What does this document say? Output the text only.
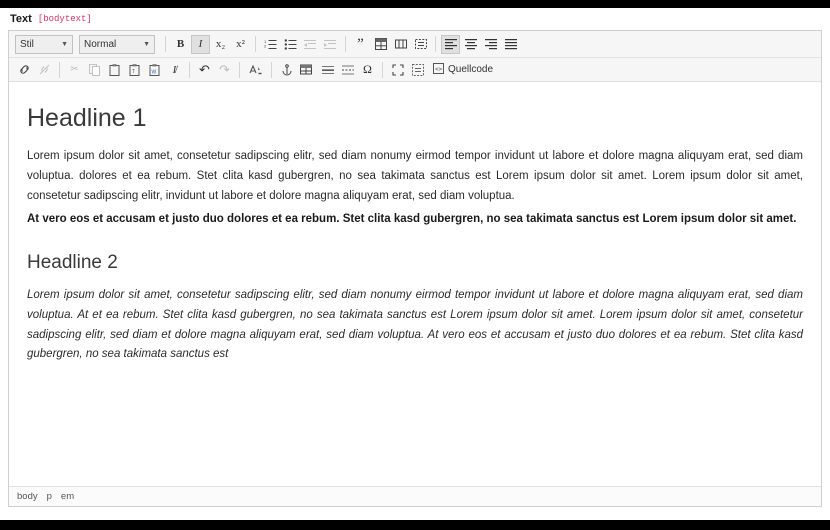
Text [bodytext]
Stil	▼ Normal	▼	B	I	x₂ x²	1
2	”
✂	T	W	I̸	↶ ↷	Ω	<> Quellcode
Headline 1

Lorem ipsum dolor sit amet, consetetur sadipscing elitr, sed diam nonumy eirmod tempor invidunt ut labore et dolore magna aliquyam erat, sed diam voluptua. dolores et ea rebum. Stet clita kasd gubergren, no sea takimata sanctus est Lorem ipsum dolor sit amet. Lorem ipsum dolor sit amet, consetetur sadipscing elitr, invidunt ut labore et dolore magna aliquyam erat, sed diam voluptua.

At vero eos et accusam et justo duo dolores et ea rebum. Stet clita kasd gubergren, no sea takimata sanctus est Lorem ipsum dolor sit amet.

Headline 2

Lorem ipsum dolor sit amet, consetetur sadipscing elitr, sed diam nonumy eirmod tempor invidunt ut labore et dolore magna aliquyam erat, sed diam voluptua. At et ea rebum. Stet clita kasd gubergren, no sea takimata sanctus est Lorem ipsum dolor sit amet. Lorem ipsum dolor sit amet, consetetur sadipscing elitr, sed diam et dolore magna aliquyam erat, sed diam voluptua. At vero eos et accusam et justo duo dolores et ea rebum. Stet clita kasd gubergren, no sea takimata sanctus est

body p em
